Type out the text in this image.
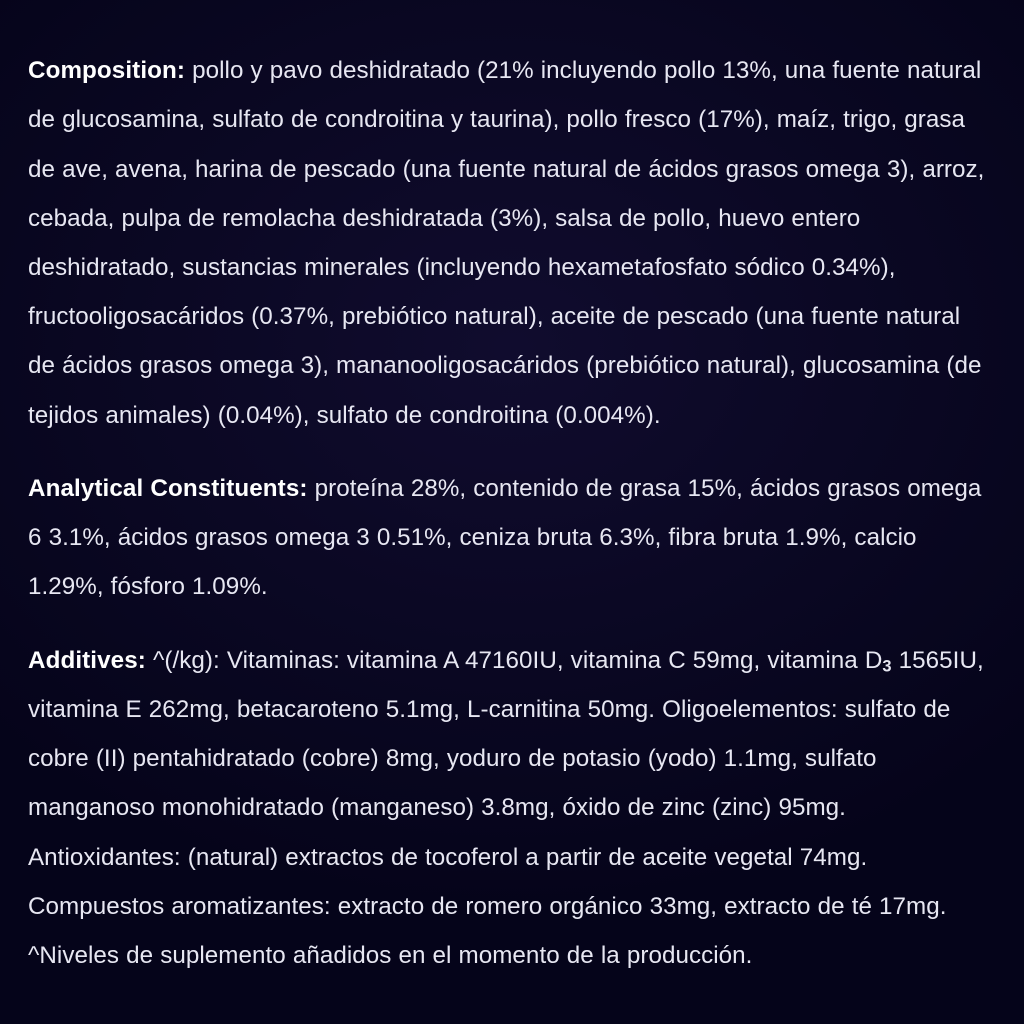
Composition: pollo y pavo deshidratado (21% incluyendo pollo 13%, una fuente natural de glucosamina, sulfato de condroitina y taurina), pollo fresco (17%), maíz, trigo, grasa de ave, avena, harina de pescado (una fuente natural de ácidos grasos omega 3), arroz, cebada, pulpa de remolacha deshidratada (3%), salsa de pollo, huevo entero deshidratado, sustancias minerales (incluyendo hexametafosfato sódico 0.34%), fructooligosacáridos (0.37%, prebiótico natural), aceite de pescado (una fuente natural de ácidos grasos omega 3), mananooligosacáridos (prebiótico natural), glucosamina (de tejidos animales) (0.04%), sulfato de condroitina (0.004%).

Analytical Constituents: proteína 28%, contenido de grasa 15%, ácidos grasos omega 6 3.1%, ácidos grasos omega 3 0.51%, ceniza bruta 6.3%, fibra bruta 1.9%, calcio 1.29%, fósforo 1.09%.

Additives: ^(/kg): Vitaminas: vitamina A 47160IU, vitamina C 59mg, vitamina $D_3$ 1565IU, vitamina E 262mg, betacaroteno 5.1mg, L-carnitina 50mg. Oligoelementos: sulfato de cobre (II) pentahidratado (cobre) 8mg, yoduro de potasio (yodo) 1.1mg, sulfato manganoso monohidratado (manganeso) 3.8mg, óxido de zinc (zinc) 95mg. Antioxidantes: (natural) extractos de tocoferol a partir de aceite vegetal 74mg. Compuestos aromatizantes: extracto de romero orgánico 33mg, extracto de té 17mg. ^Niveles de suplemento añadidos en el momento de la producción.
